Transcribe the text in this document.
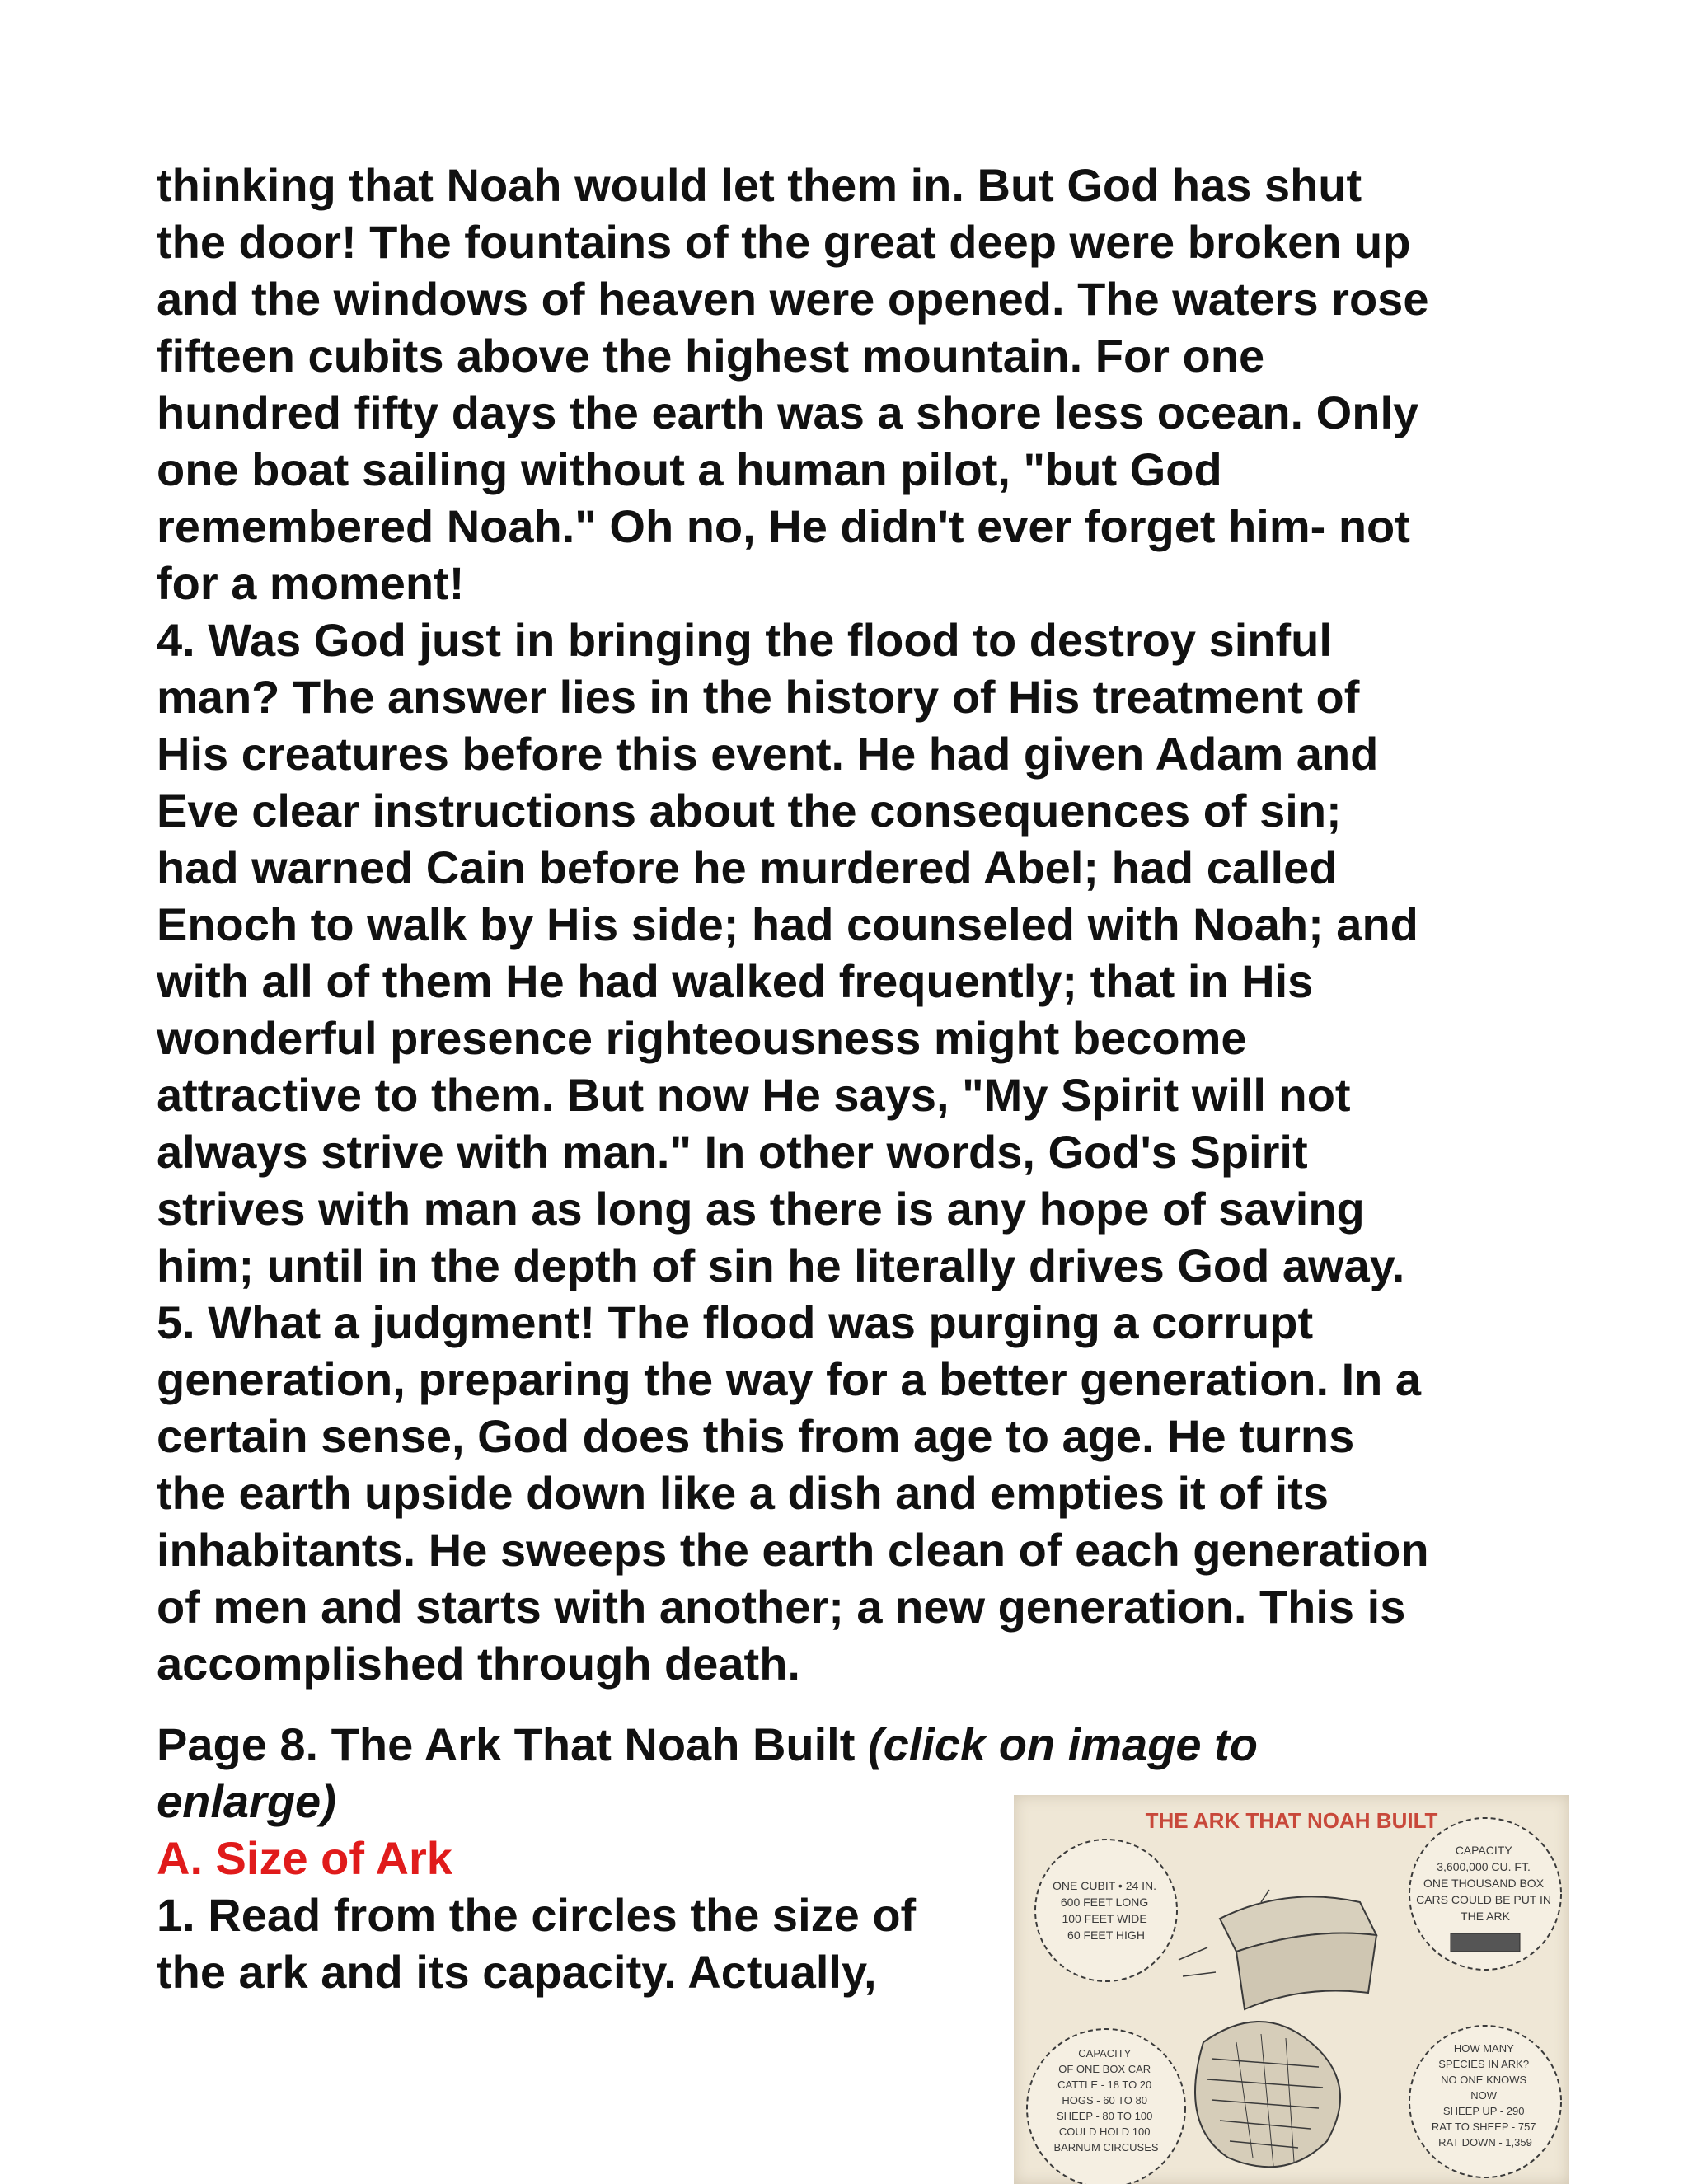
thinking that Noah would let them in. But God has shut
the door! The fountains of the great deep were broken up
and the windows of heaven were opened. The waters rose
fifteen cubits above the highest mountain. For one
hundred fifty days the earth was a shore less ocean. Only
one boat sailing without a human pilot, "but God
remembered Noah." Oh no, He didn't ever forget him- not
for a moment!
4. Was God just in bringing the flood to destroy sinful
man? The answer lies in the history of His treatment of
His creatures before this event. He had given Adam and
Eve clear instructions about the consequences of sin;
had warned Cain before he murdered Abel; had called
Enoch to walk by His side; had counseled with Noah; and
with all of them He had walked frequently; that in His
wonderful presence righteousness might become
attractive to them. But now He says, "My Spirit will not
always strive with man." In other words, God's Spirit
strives with man as long as there is any hope of saving
him; until in the depth of sin he literally drives God away.
5. What a judgment! The flood was purging a corrupt
generation, preparing the way for a better generation. In a
certain sense, God does this from age to age. He turns
the earth upside down like a dish and empties it of its
inhabitants. He sweeps the earth clean of each generation
of men and starts with another; a new generation. This is
accomplished through death.
Page 8. The Ark That Noah Built (click on image to
enlarge)
A. Size of Ark
1. Read from the circles the size of
the ark and its capacity. Actually,
THE ARK THAT NOAH BUILT
ONE CUBIT • 24 IN. 600 FEET LONG 100 FEET WIDE 60 FEET HIGH
CAPACITY 3,600,000 CU. FT. ONE THOUSAND BOX CARS COULD BE PUT IN THE ARK
CAPACITY OF ONE BOX CAR CATTLE - 18 TO 20 HOGS - 60 TO 80 SHEEP - 80 TO 100 COULD HOLD 100 BARNUM CIRCUSES
HOW MANY SPECIES IN ARK? NO ONE KNOWS NOW SHEEP UP - 290 RAT TO SHEEP - 757 RAT DOWN - 1,359
